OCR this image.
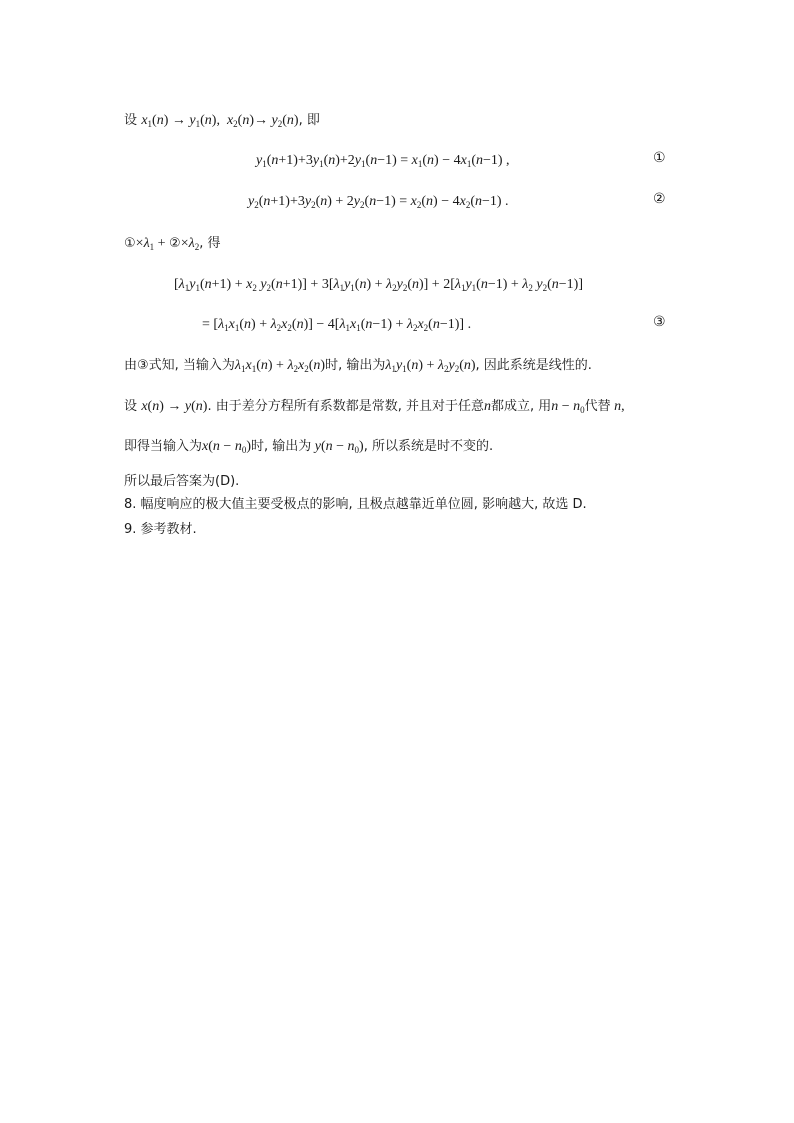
设 $x_1(n) \to y_1(n)$,  $x_2(n)\to y_2(n)$, 即
$y_1(n+1)+3y_1(n)+2y_1(n-1) = x_1(n) - 4x_1(n-1)$ ,	①
$y_2(n+1)+3y_2(n) + 2y_2(n-1) = x_2(n) - 4x_2(n-1)$ .	②
$①\times\lambda_1$ + $②\times\lambda_2$, 得
[$\lambda_1y_1(n+1) + x_2$ $y_2(n+1)] + 3[\lambda_1y_1(n) + \lambda_2y_2(n)] + 2[\lambda_1y_1(n-1) + \lambda_2$ $y_2(n-1)$]
= $[\lambda_1x_1(n) + \lambda_2x_2(n)] - 4[\lambda_1x_1(n-1) + \lambda_2x_2(n-1)]$ .	③
由③式知, 当输入为$\lambda_1x_1(n) + \lambda_2x_2(n)$时, 输出为$\lambda_1y_1(n) + \lambda_2y_2(n)$, 因此系统是线性的.
设 x(n) → y(n). 由于差分方程所有系数都是常数, 并且对于任意n都成立, 用$n - n_0$代替 n,
即得当输入为$x(n - n_0)$时, 输出为 $y(n - n_0)$, 所以系统是时不变的.
所以最后答案为(D).
8. 幅度响应的极大值主要受极点的影响, 且极点越靠近单位圆, 影响越大, 故选 D.
9. 参考教材.
